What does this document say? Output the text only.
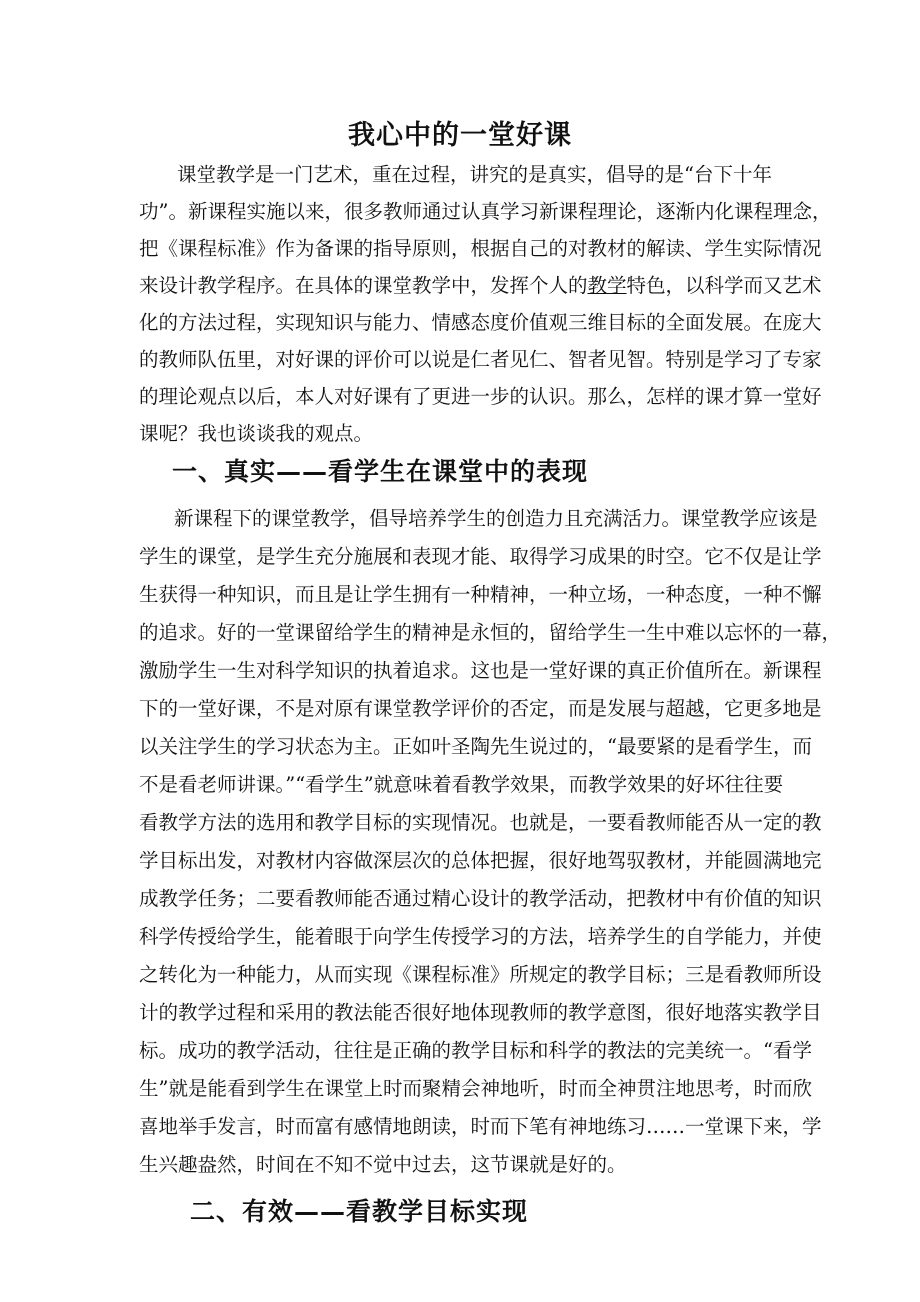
我心中的一堂好课
课堂教学是一门艺术，重在过程，讲究的是真实，倡导的是“台下十年
功”。新课程实施以来，很多教师通过认真学习新课程理论，逐渐内化课程理念，
把《课程标准》作为备课的指导原则，根据自己的对教材的解读、学生实际情况
来设计教学程序。在具体的课堂教学中，发挥个人的教学特色，以科学而又艺术
化的方法过程，实现知识与能力、情感态度价值观三维目标的全面发展。在庞大
的教师队伍里，对好课的评价可以说是仁者见仁、智者见智。特别是学习了专家
的理论观点以后，本人对好课有了更进一步的认识。那么，怎样的课才算一堂好
课呢？我也谈谈我的观点。
一、真实——看学生在课堂中的表现
新课程下的课堂教学，倡导培养学生的创造力且充满活力。课堂教学应该是
学生的课堂，是学生充分施展和表现才能、取得学习成果的时空。它不仅是让学
生获得一种知识，而且是让学生拥有一种精神，一种立场，一种态度，一种不懈
的追求。好的一堂课留给学生的精神是永恒的，留给学生一生中难以忘怀的一幕，
激励学生一生对科学知识的执着追求。这也是一堂好课的真正价值所在。新课程
下的一堂好课，不是对原有课堂教学评价的否定，而是发展与超越，它更多地是
以关注学生的学习状态为主。正如叶圣陶先生说过的，“最要紧的是看学生，而
不是看老师讲课。”“看学生”就意味着看教学效果，而教学效果的好坏往往要
看教学方法的选用和教学目标的实现情况。也就是，一要看教师能否从一定的教
学目标出发，对教材内容做深层次的总体把握，很好地驾驭教材，并能圆满地完
成教学任务；二要看教师能否通过精心设计的教学活动，把教材中有价值的知识
科学传授给学生，能着眼于向学生传授学习的方法，培养学生的自学能力，并使
之转化为一种能力，从而实现《课程标准》所规定的教学目标；三是看教师所设
计的教学过程和采用的教法能否很好地体现教师的教学意图，很好地落实教学目
标。成功的教学活动，往往是正确的教学目标和科学的教法的完美统一。“看学
生”就是能看到学生在课堂上时而聚精会神地听，时而全神贯注地思考，时而欣
喜地举手发言，时而富有感情地朗读，时而下笔有神地练习……一堂课下来，学
生兴趣盎然，时间在不知不觉中过去，这节课就是好的。
二、有效——看教学目标实现
